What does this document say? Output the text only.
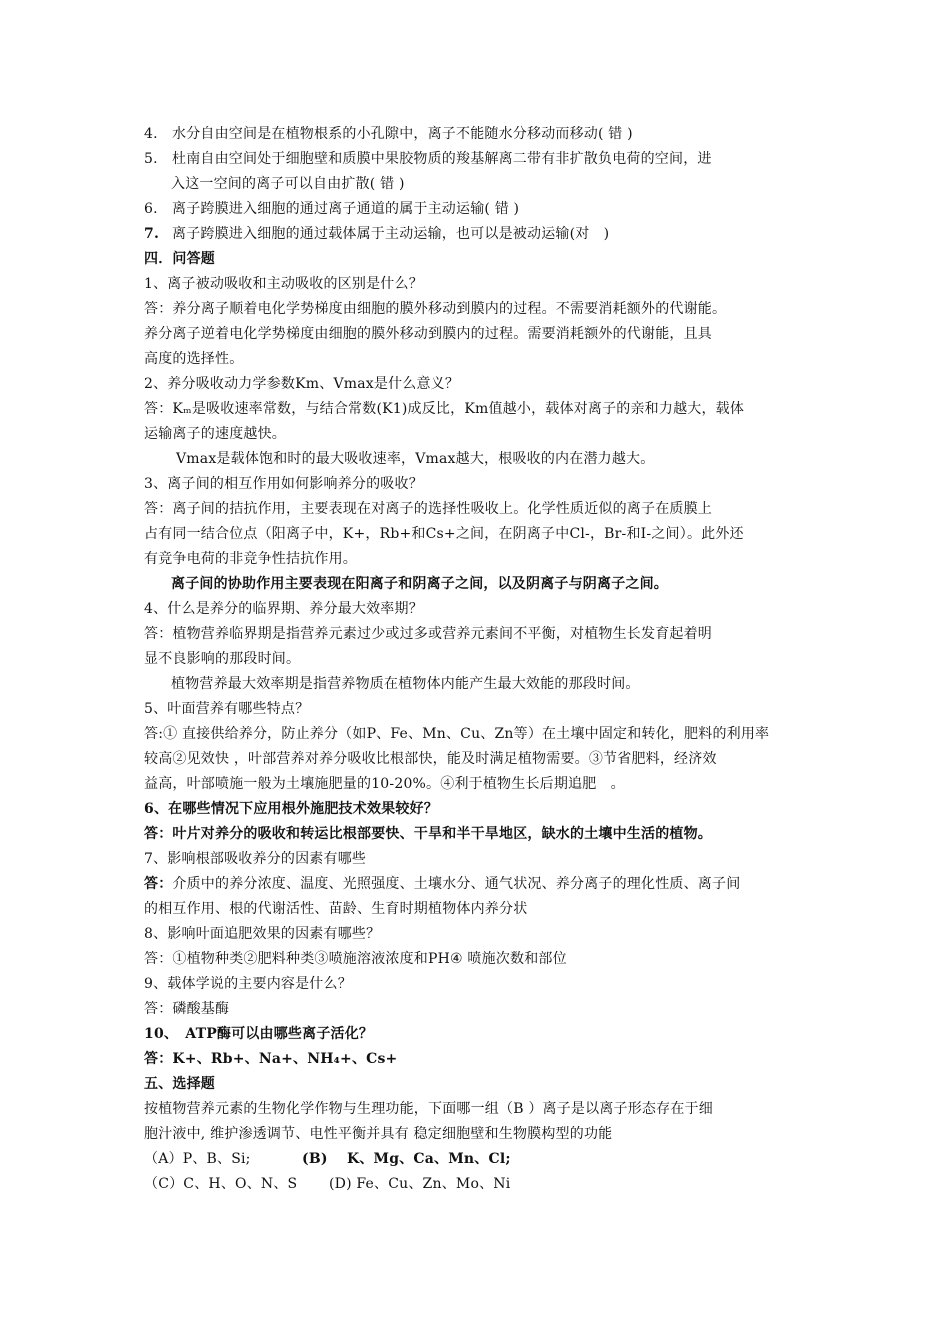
4. 水分自由空间是在植物根系的小孔隙中，离子不能随水分移动而移动( 错 )
5. 杜南自由空间处于细胞壁和质膜中果胶物质的羧基解离二带有非扩散负电荷的空间，进
入这一空间的离子可以自由扩散( 错 )
6. 离子跨膜进入细胞的通过离子通道的属于主动运输( 错 )
7. 离子跨膜进入细胞的通过载体属于主动运输，也可以是被动运输(对　)
四．问答题
1、离子被动吸收和主动吸收的区别是什么？
答：养分离子顺着电化学势梯度由细胞的膜外移动到膜内的过程。不需要消耗额外的代谢能。
养分离子逆着电化学势梯度由细胞的膜外移动到膜内的过程。需要消耗额外的代谢能，且具
高度的选择性。
2、养分吸收动力学参数Km、Vmax是什么意义？
答：Kₘ是吸收速率常数，与结合常数(K1)成反比，Km值越小，载体对离子的亲和力越大，载体
运输离子的速度越快。
Vmax是载体饱和时的最大吸收速率，Vmax越大，根吸收的内在潜力越大。
3、离子间的相互作用如何影响养分的吸收？
答：离子间的拮抗作用，主要表现在对离子的选择性吸收上。化学性质近似的离子在质膜上
占有同一结合位点（阳离子中，K+，Rb+和Cs+之间，在阴离子中Cl-，Br-和I-之间）。此外还
有竞争电荷的非竞争性拮抗作用。
离子间的协助作用主要表现在阳离子和阴离子之间，以及阴离子与阴离子之间。
4、什么是养分的临界期、养分最大效率期？
答：植物营养临界期是指营养元素过少或过多或营养元素间不平衡，对植物生长发育起着明
显不良影响的那段时间。
植物营养最大效率期是指营养物质在植物体内能产生最大效能的那段时间。
5、叶面营养有哪些特点？
答:① 直接供给养分，防止养分（如P、Fe、Mn、Cu、Zn等）在土壤中固定和转化，肥料的利用率
较高②见效快 ，叶部营养对养分吸收比根部快，能及时满足植物需要。③节省肥料，经济效
益高，叶部喷施一般为土壤施肥量的10-20%。④利于植物生长后期追肥　。
6、在哪些情况下应用根外施肥技术效果较好？
答：叶片对养分的吸收和转运比根部要快、干旱和半干旱地区，缺水的土壤中生活的植物。
7、影响根部吸收养分的因素有哪些
答：介质中的养分浓度、温度、光照强度、土壤水分、通气状况、养分离子的理化性质、离子间
的相互作用、根的代谢活性、苗龄、生育时期植物体内养分状
8、影响叶面追肥效果的因素有哪些？
答：①植物种类②肥料种类③喷施溶液浓度和PH④ 喷施次数和部位
9、载体学说的主要内容是什么？
答：磷酸基酶
10、　ATP酶可以由哪些离子活化？
答：K+、Rb+、Na+、NH₄+、Cs+
五、选择题
按植物营养元素的生物化学作物与生理功能，下面哪一组（B ）离子是以离子形态存在于细
胞汁液中, 维护渗透调节、电性平衡并具有 稳定细胞壁和生物膜构型的功能
（A）P、B、Si;	(B)　 K、Mg、Ca、Mn、Cl;
（C）C、H、O、N、S (D) Fe、Cu、Zn、Mo、Ni
